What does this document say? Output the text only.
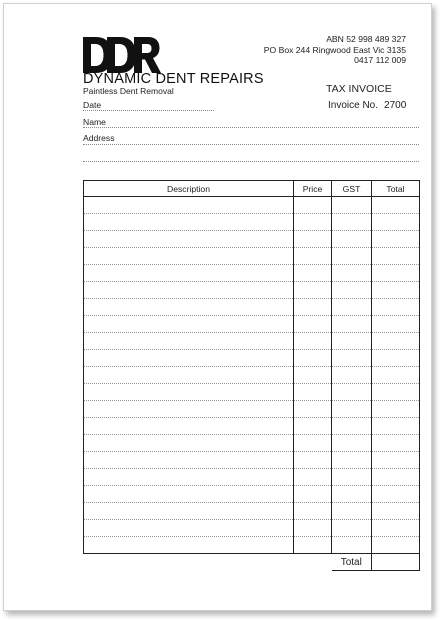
DYNAMIC DENT REPAIRS
Paintless Dent Removal
ABN 52 998 489 327
PO Box 244 Ringwood East Vic 3135
0417 112 009
TAX INVOICE
Invoice No. 2700
Date
Name
Address
Description	Price	GST	Total

		Total	
